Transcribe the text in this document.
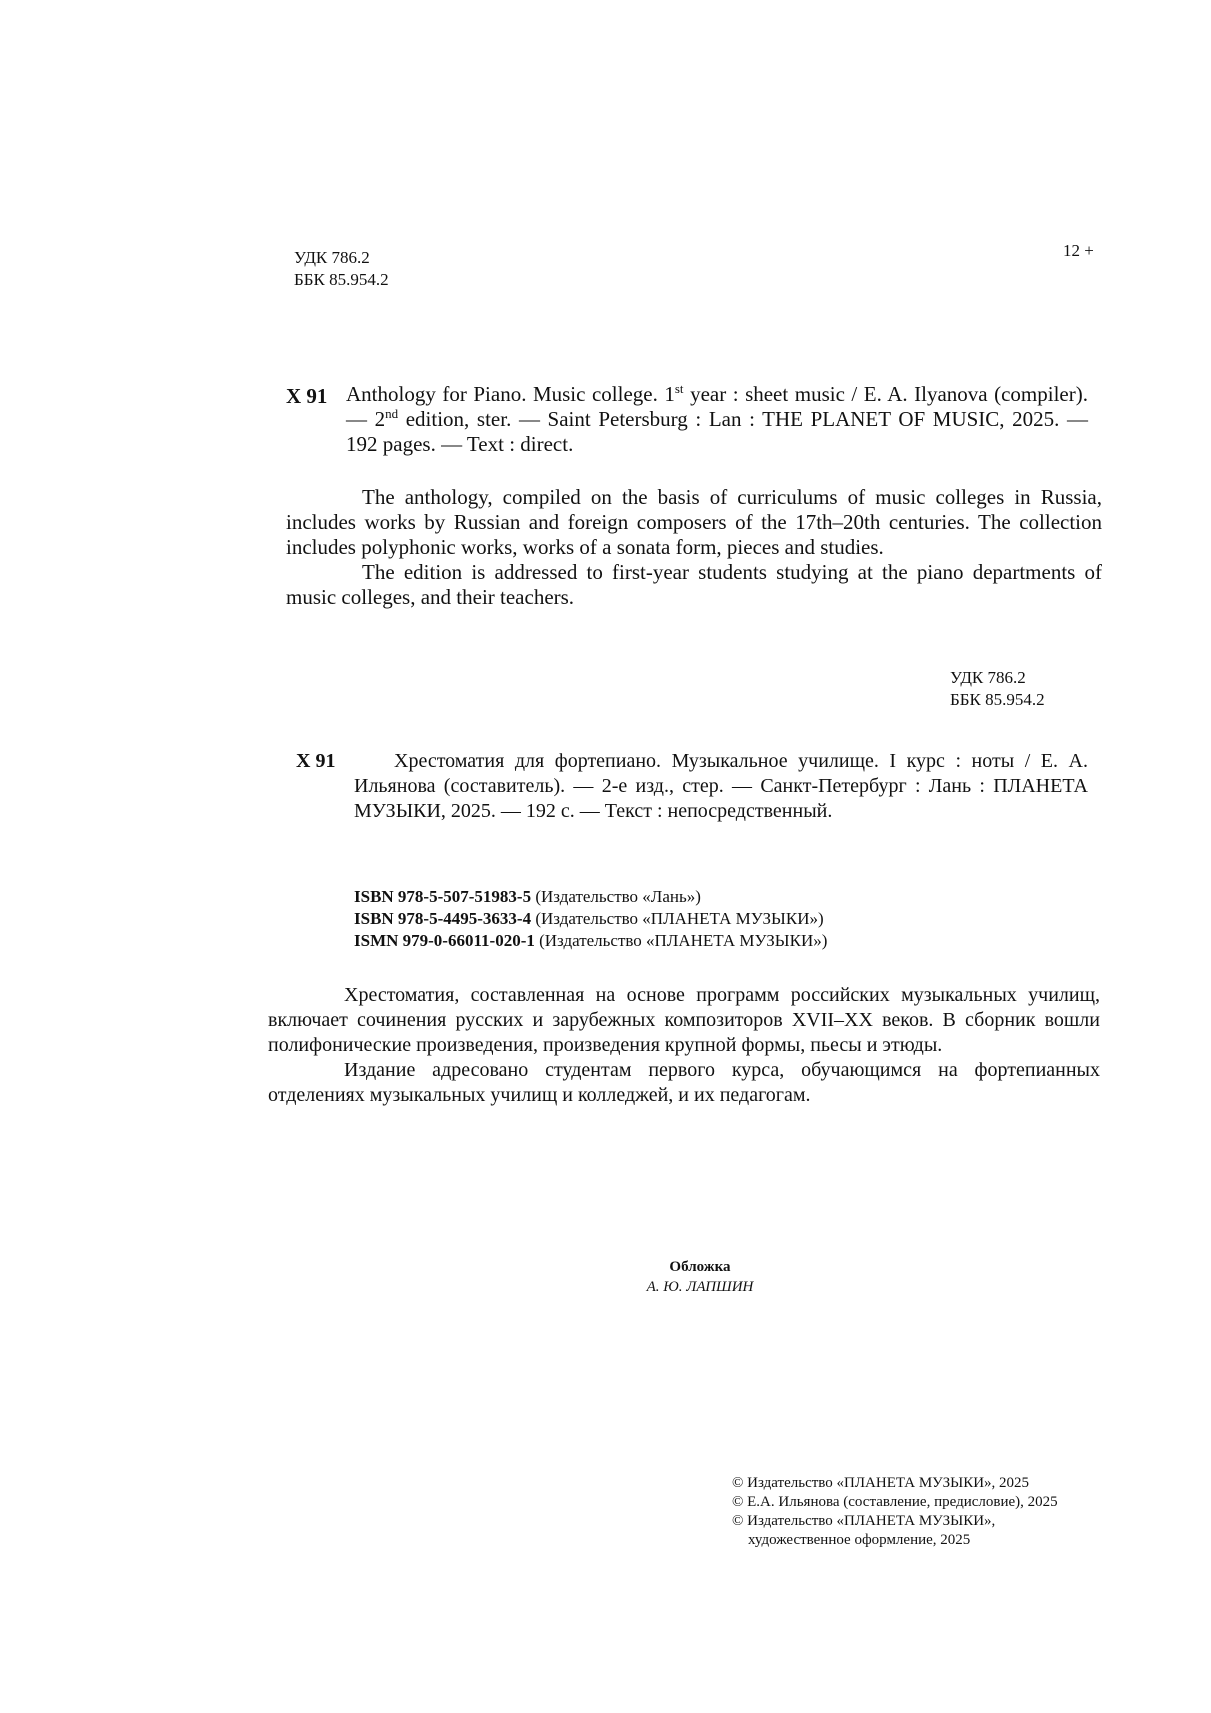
УДК 786.2
ББК 85.954.2
12 +
Х 91 Anthology for Piano. Music college. 1st year : sheet music / E. A. Ilyanova (compiler). — 2nd edition, ster. — Saint Petersburg : Lan : THE PLANET OF MUSIC, 2025. — 192 pages. — Text : direct.

The anthology, compiled on the basis of curriculums of music colleges in Russia, includes works by Russian and foreign composers of the 17th–20th centuries. The collection includes polyphonic works, works of a sonata form, pieces and studies.

The edition is addressed to first-year students studying at the piano departments of music colleges, and their teachers.

УДК 786.2
ББК 85.954.2
Х 91	Хрестоматия для фортепиано. Музыкальное училище. I курс : ноты / Е. А. Ильянова (составитель). — 2-е изд., стер. — Санкт-Петербург : Лань : ПЛАНЕТА МУЗЫКИ, 2025. — 192 с. — Текст : непосредственный.
ISBN 978-5-507-51983-5 (Издательство «Лань»)
ISBN 978-5-4495-3633-4 (Издательство «ПЛАНЕТА МУЗЫКИ»)
ISMN 979-0-66011-020-1 (Издательство «ПЛАНЕТА МУЗЫКИ»)

Хрестоматия, составленная на основе программ российских музыкальных училищ, включает сочинения русских и зарубежных композиторов XVII–XX веков. В сборник вошли полифонические произведения, произведения крупной формы, пьесы и этюды.

Издание адресовано студентам первого курса, обучающимся на фортепианных отделениях музыкальных училищ и колледжей, и их педагогам.

Обложка
А. Ю. ЛАПШИН
© Издательство «ПЛАНЕТА МУЗЫКИ», 2025
© Е.А. Ильянова (составление, предисловие), 2025
© Издательство «ПЛАНЕТА МУЗЫКИ»,
художественное оформление, 2025
